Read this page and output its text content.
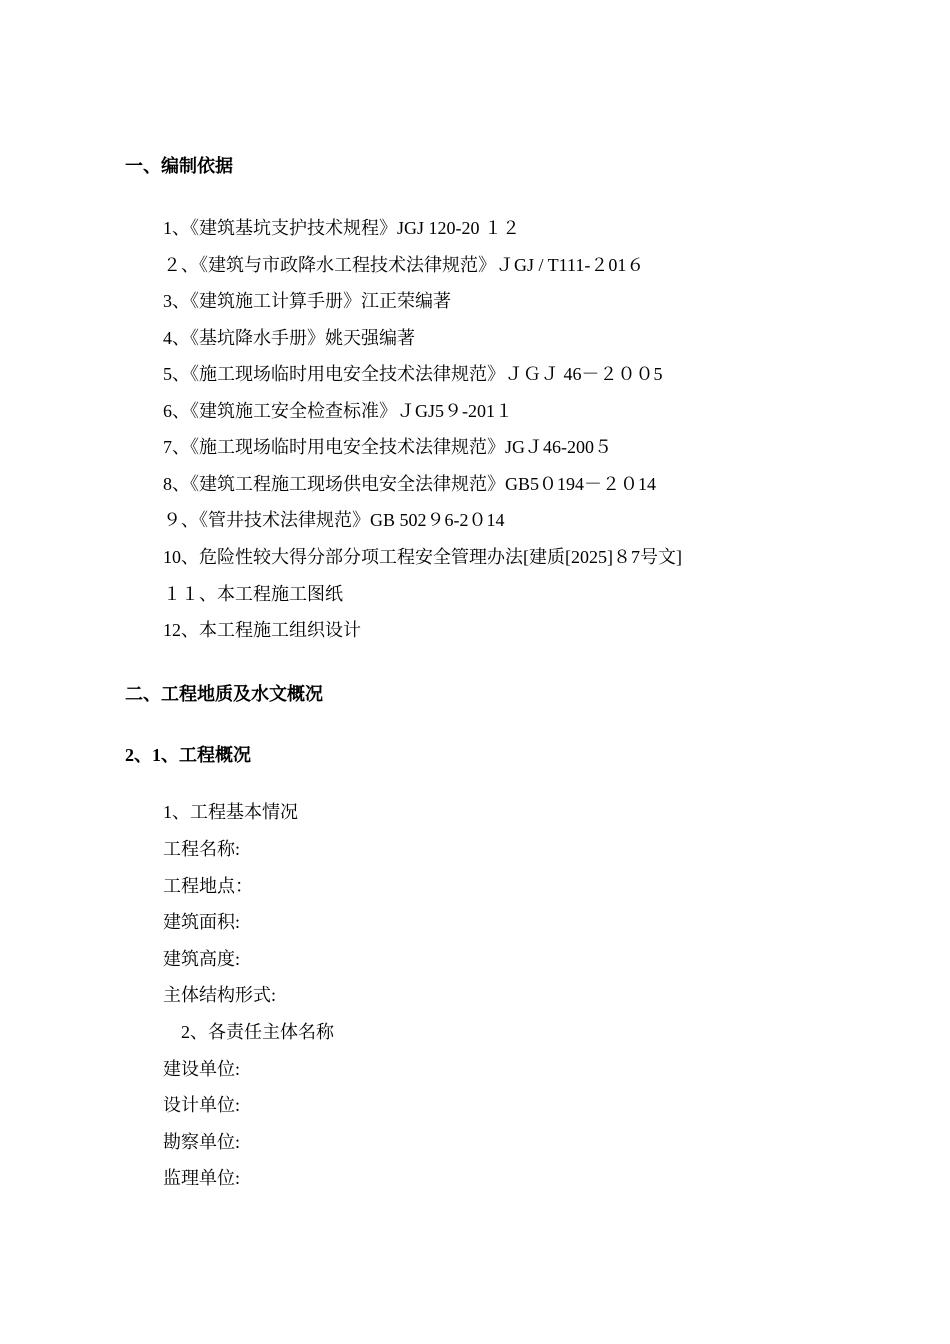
一、编制依据
1、《建筑基坑支护技术规程》JGJ 120-20 １２
２、《建筑与市政降水工程技术法律规范》ＪGJ / T111-２01６
3、《建筑施工计算手册》江正荣编著
4、《基坑降水手册》姚天强编著
5、《施工现场临时用电安全技术法律规范》ＪＧＪ 46－２００5
6、《建筑施工安全检查标准》ＪGJ5９-201１
7、《施工现场临时用电安全技术法律规范》JGＪ46-200５
8、《建筑工程施工现场供电安全法律规范》GB5０194－２０14
９、《管井技术法律规范》GB 502９6-2０14
10、危险性较大得分部分项工程安全管理办法[建质[2025]８7号文]
１１、本工程施工图纸
12、本工程施工组织设计
二、工程地质及水文概况
2、1、工程概况
1、工程基本情况
工程名称:
工程地点：
建筑面积:
建筑高度:
主体结构形式:
2、各责任主体名称
建设单位:
设计单位:
勘察单位:
监理单位:
